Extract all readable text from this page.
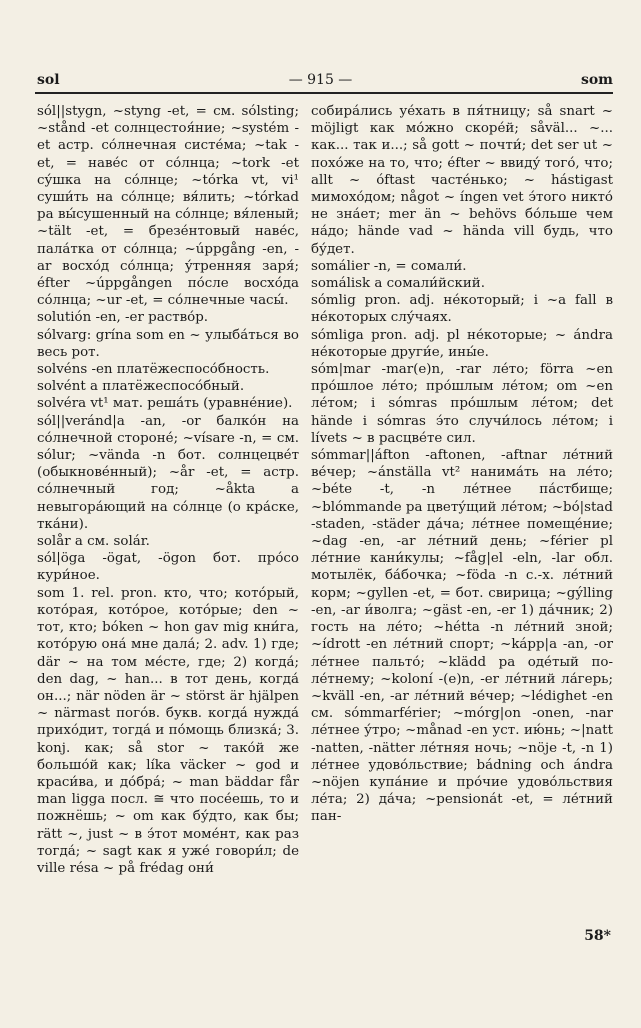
sol	— 915 —	som

sól||stygn, ~styng -et, = см. sólsting; ~stånd -et солнцестоя́ние; ~systém -et астр. со́лнечная систе́ма; ~tak -et, = наве́с от со́лнца; ~tork -et су́шка на со́лнце; ~tórka vt, vi¹ суши́ть на со́лнце; вя́лить; ~tórkad pa вы́сушенный на со́лнце; вя́леный; ~tält -et, = брезе́нтовый наве́с, пала́тка от со́лнца; ~úppgång -en, -ar восхо́д со́лнца; у́тренняя заря́; éfter ~úppgången по́сле восхо́да со́лнца; ~ur -et, = со́лнечные часы́.

solutión -en, -er раство́р.

sólvarg: grína som en ~ улыба́ться во весь рот.

solvéns -en платёжеспосо́бность.

solvént a платёжеспосо́бный.

solvéra vt¹ мат. реша́ть (уравне́ние).

sól||veránd|a -an, -or балко́н на со́лнечной стороне́; ~vísare -n, = см. sólur; ~vända -n бот. солнцецве́т (обыкнове́нный); ~år -et, = астр. со́лнечный год; ~åkta a невыгора́ющий на со́лнце (о кра́ске, тка́ни).

solår a см. solár.

sól|öga -ögat, -ögon бот. про́со кури́ное.

som 1. rel. pron. кто, что; кото́рый, кото́рая, кото́рое, кото́рые; den ~ тот, кто; bóken ~ hon gav mig кни́га, кото́рую она́ мне дала́; 2. adv. 1) где; där ~ на том ме́сте, где; 2) когда́; den dag, ~ han... в тот день, когда́ он...; när nöden är ~ störst är hjälpen ~ närmast пого́в. букв. когда́ нужда́ прихо́дит, тогда́ и по́мощь близка́; 3. konj. как; så stor ~ тако́й же большо́й как; líka väcker ~ god и краси́ва, и до́брá; ~ man bäddar får man ligga посл. ≅ что посе́ешь, то и пожнёшь; ~ om как бу́дто, как бы; rätt ~, just ~ в э́тот моме́нт, как раз тогда́; ~ sagt как я уже́ говори́л; de ville résa ~ på frédag они́

собира́лись уе́хать в пя́тницу; så snart ~ möjligt как мо́жно скоре́й; såväl... ~... как... так и...; så gott ~ почти́; det ser ut ~ похо́же на то, что; éfter ~ ввиду́ того́, что; allt ~ óftast часте́нько; ~ hástigast мимохо́дом; något ~ íngen vet э́того никто́ не зна́ет; mer än ~ behövs бо́льше чем на́до; hände vad ~ hända vill будь, что бу́дет.

somálier -n, = сомали́.

somálisk a сомали́йский.

sómlig pron. adj. не́который; i ~a fall в не́которых слу́чаях.

sómliga pron. adj. pl не́которые; ~ ándra не́которые други́е, ины́е.

sóm|mar -mar(e)n, -rar ле́то; förra ~en про́шлое ле́то; про́шлым ле́том; om ~en ле́том; i sómras про́шлым ле́том; det hände i sómras э́то случи́лось ле́том; i lívets ~ в расцве́те сил.

sómmar||áfton -aftonen, -aftnar ле́тний ве́чер; ~ánställa vt² нанима́ть на ле́то; ~béte -t, -n ле́тнее па́стбище; ~blómmande pa цвету́щий ле́том; ~bó|stad -staden, -städer да́ча; ле́тнее помеще́ние; ~dag -en, -ar ле́тний день; ~férier pl ле́тние кани́кулы; ~fåg|el -eln, -lar обл. мотылёк, ба́бочка; ~föda -n с.-х. ле́тний корм; ~gyllen -et, = бот. свирица; ~gýlling -en, -ar и́волга; ~gäst -en, -er 1) да́чник; 2) гость на ле́то; ~hétta -n ле́тний зной; ~ídrott -en ле́тний спорт; ~kápp|a -an, -or ле́тнее пальто́; ~klädd pa оде́тый по-ле́тнему; ~koloní -(e)n, -er ле́тний ла́герь; ~kväll -en, -ar ле́тний ве́чер; ~lédighet -en см. sómmarférier; ~mórg|on -onen, -nar ле́тнее у́тро; ~månad -en уст. ию́нь; ~|natt -natten, -nätter ле́тняя ночь; ~nöje -t, -n 1) ле́тнее удово́льствие; bádning och ándra ~nöjen купа́ние и про́чие удово́льствия ле́та; 2) да́ча; ~pensionát -et, = ле́тний пан-

58*
